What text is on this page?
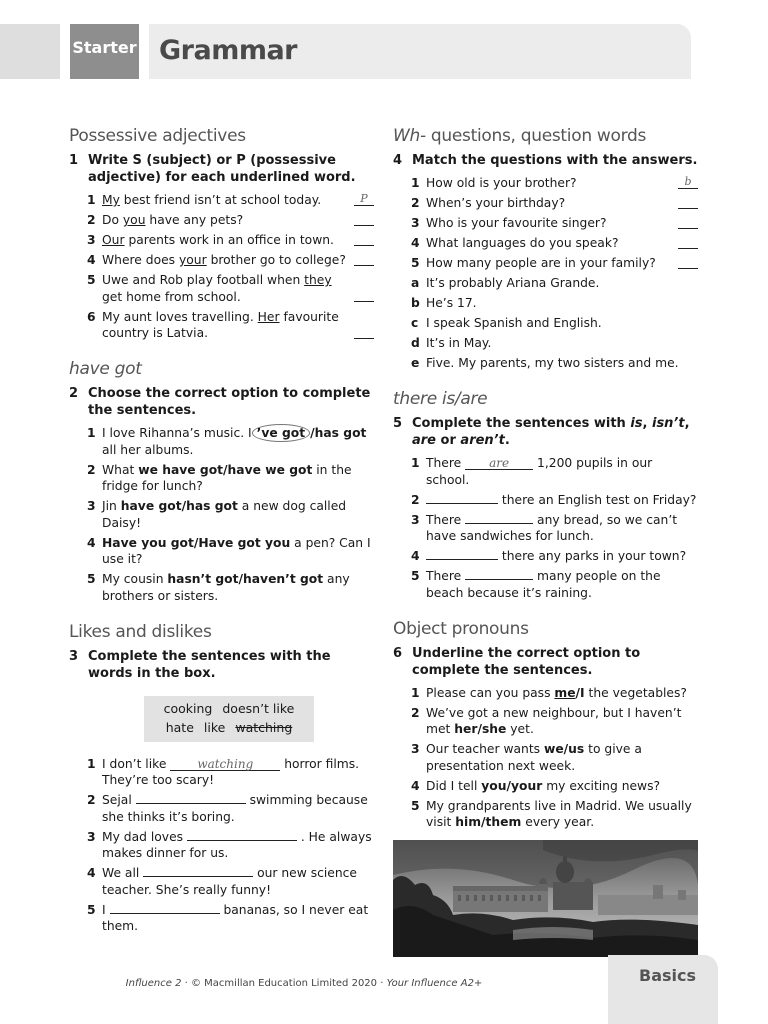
Starter Grammar
Possessive adjectives
1 Write S (subject) or P (possessive adjective) for each underlined word.
1 My best friend isn’t at school today.	P
2 Do you have any pets?
3 Our parents work in an office in town.
4 Where does your brother go to college?
5 Uwe and Rob play football when they get home from school.
6 My aunt loves travelling. Her favourite country is Latvia.
have got
2 Choose the correct option to complete the sentences.
1 I love Rihanna’s music. I ’ve got /has got all her albums.
2 What we have got/have we got in the fridge for lunch?
3 Jin have got/has got a new dog called Daisy!
4 Have you got/Have got you a pen? Can I use it?
5 My cousin hasn’t got/haven’t got any brothers or sisters.
Likes and dislikes
3 Complete the sentences with the words in the box.
cooking doesn’t like
hate like watching
1 I don’t like watching horror films. They’re too scary!
2 Sejal	swimming because she thinks it’s boring.
3 My dad loves	. He always makes dinner for us.
4 We all	our new science teacher. She’s really funny!
5 I	bananas, so I never eat them.
Wh- questions, question words
4 Match the questions with the answers.
1 How old is your brother?	b
2 When’s your birthday?
3 Who is your favourite singer?
4 What languages do you speak?
5 How many people are in your family?
a It’s probably Ariana Grande.
b He’s 17.
c I speak Spanish and English.
d It’s in May.
e Five. My parents, my two sisters and me.
there is/are
5 Complete the sentences with is, isn’t, are or aren’t.
1 There are 1,200 pupils in our school.
2	there an English test on Friday?
3 There	any bread, so we can’t have sandwiches for lunch.
4	there any parks in your town?
5 There	many people on the beach because it’s raining.
Object pronouns
6 Underline the correct option to complete the sentences.
1 Please can you pass me/I the vegetables?
2 We’ve got a new neighbour, but I haven’t met her/she yet.
3 Our teacher wants we/us to give a presentation next week.
4 Did I tell you/your my exciting news?
5 My grandparents live in Madrid. We usually visit him/them every year.
Influence 2 · © Macmillan Education Limited 2020 · Your Influence A2+	Basics
